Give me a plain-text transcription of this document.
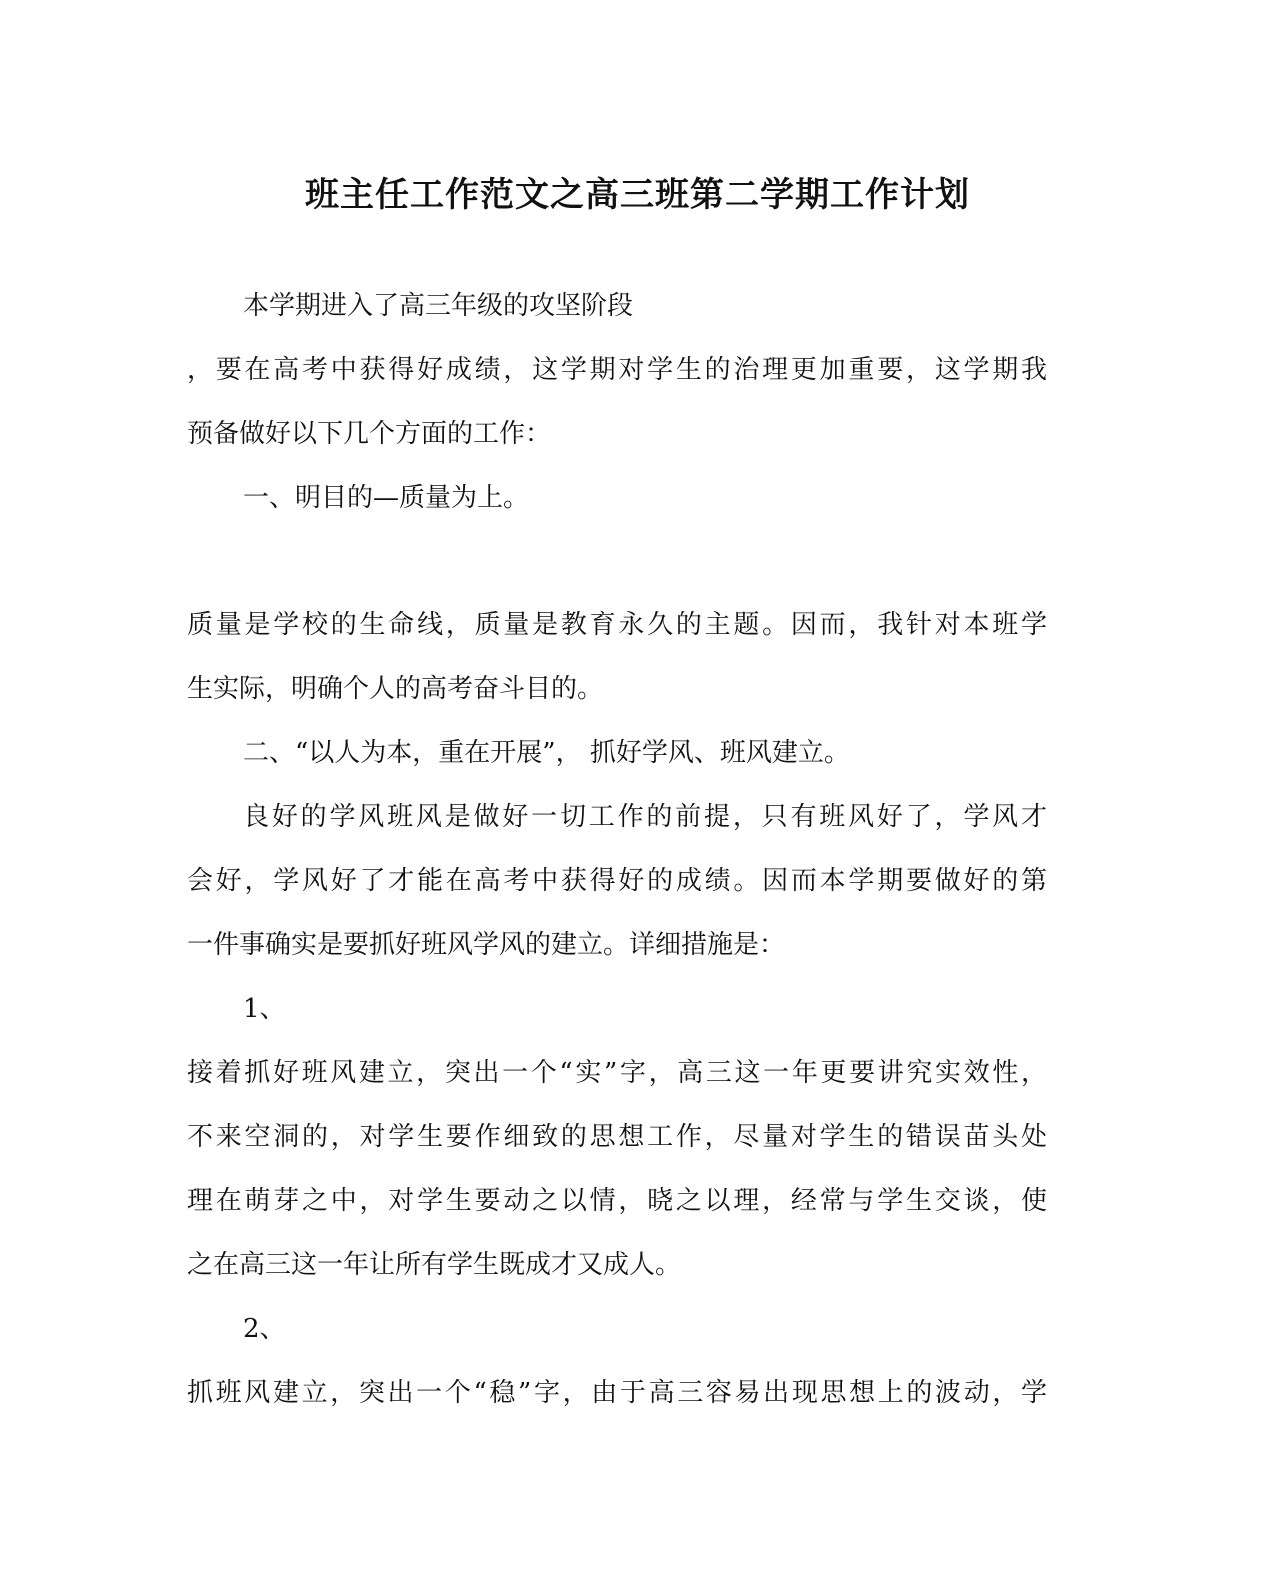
班主任工作范文之高三班第二学期工作计划
本学期进入了高三年级的攻坚阶段
，要在高考中获得好成绩，这学期对学生的治理更加重要，这学期我
预备做好以下几个方面的工作：
一、明目的—质量为上。
质量是学校的生命线，质量是教育永久的主题。因而，我针对本班学
生实际，明确个人的高考奋斗目的。
二、“以人为本，重在开展”， 抓好学风、班风建立。
良好的学风班风是做好一切工作的前提，只有班风好了，学风才
会好，学风好了才能在高考中获得好的成绩。因而本学期要做好的第
一件事确实是要抓好班风学风的建立。详细措施是：
1、
接着抓好班风建立，突出一个“实”字，高三这一年更要讲究实效性，
不来空洞的，对学生要作细致的思想工作，尽量对学生的错误苗头处
理在萌芽之中，对学生要动之以情，晓之以理，经常与学生交谈，使
之在高三这一年让所有学生既成才又成人。
2、
抓班风建立，突出一个“稳”字，由于高三容易出现思想上的波动，学
